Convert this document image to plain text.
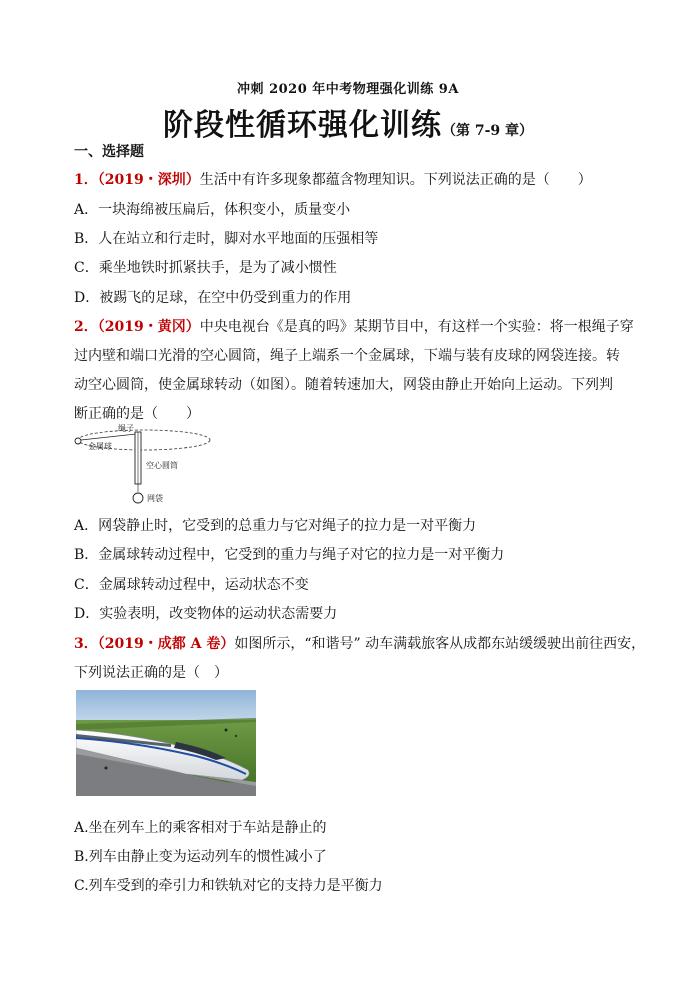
冲刺 2020 年中考物理强化训练 9A
阶段性循环强化训练（第 7-9 章）
一、选择题
1．（2019・深圳）生活中有许多现象都蕴含物理知识。下列说法正确的是（　　）
A．一块海绵被压扁后，体积变小，质量变小
B．人在站立和行走时，脚对水平地面的压强相等
C．乘坐地铁时抓紧扶手，是为了减小惯性
D．被踢飞的足球，在空中仍受到重力的作用
2．（2019・黄冈）中央电视台《是真的吗》某期节目中，有这样一个实验：将一根绳子穿
过内壁和端口光滑的空心圆筒，绳子上端系一个金属球，下端与装有皮球的网袋连接。转
动空心圆筒，使金属球转动（如图）。随着转速加大，网袋由静止开始向上运动。下列判
断正确的是（　　）
绳子
金属球
空心圆筒
网袋
A．网袋静止时，它受到的总重力与它对绳子的拉力是一对平衡力
B．金属球转动过程中，它受到的重力与绳子对它的拉力是一对平衡力
C．金属球转动过程中，运动状态不变
D．实验表明，改变物体的运动状态需要力
3．（2019・成都 A 卷）如图所示，“和谐号” 动车满载旅客从成都东站缓缓驶出前往西安，
下列说法正确的是（　）
A.坐在列车上的乘客相对于车站是静止的
B.列车由静止变为运动列车的惯性减小了
C.列车受到的牵引力和铁轨对它的支持力是平衡力
